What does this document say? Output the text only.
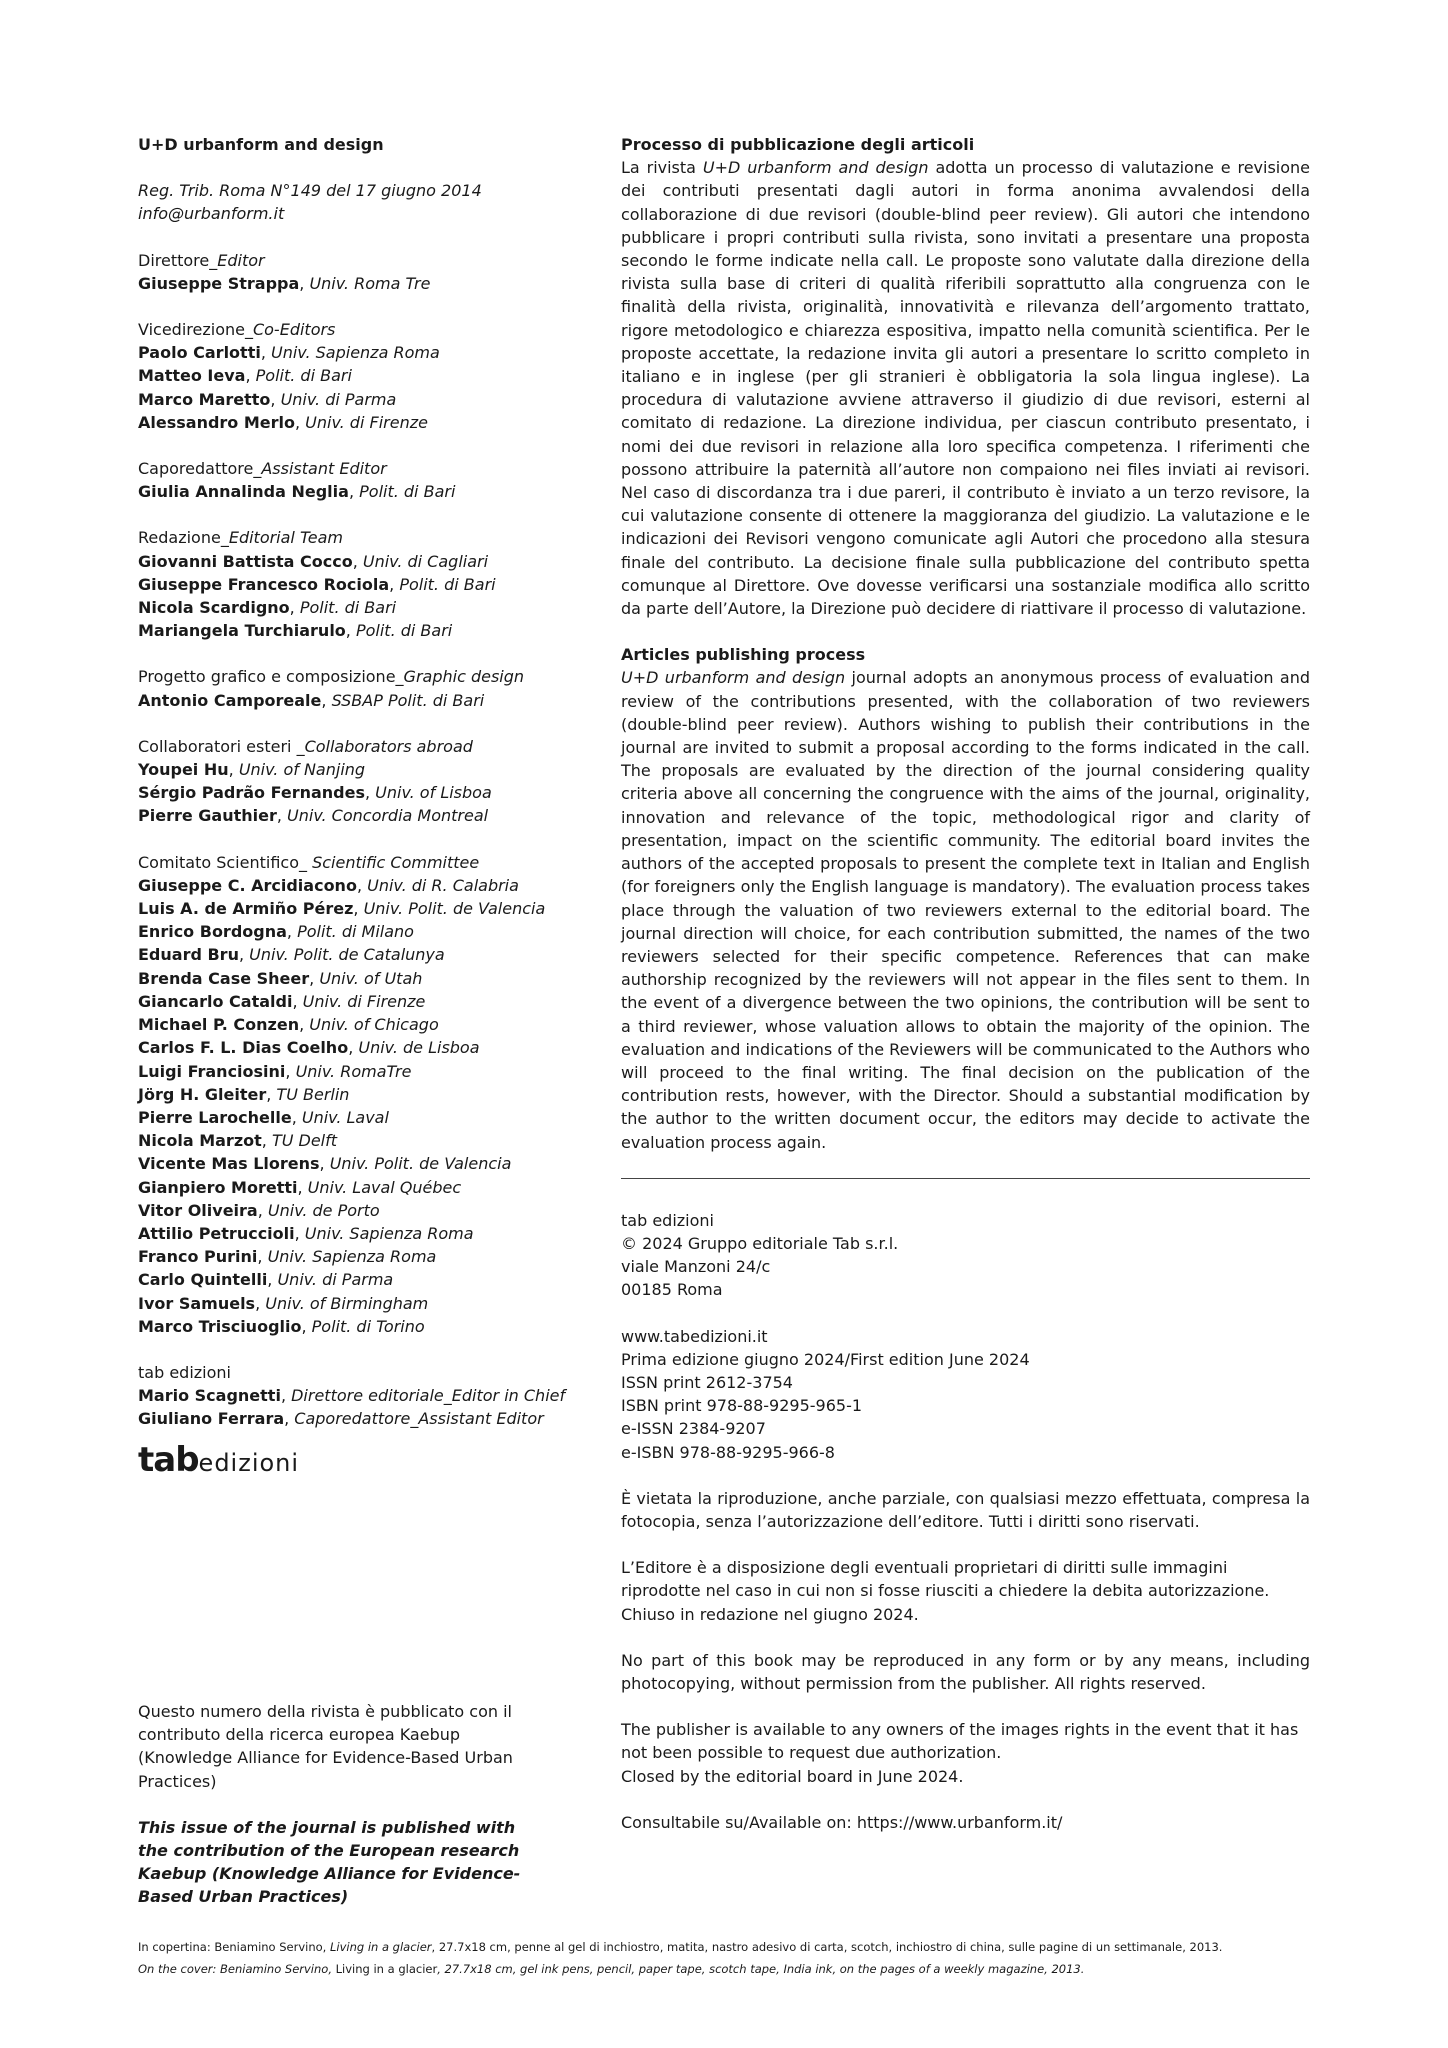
U+D urbanform and design

Reg. Trib. Roma N°149 del 17 giugno 2014

info@urbanform.it

Direttore_Editor

Giuseppe Strappa, Univ. Roma Tre

Vicedirezione_Co-Editors

Paolo Carlotti, Univ. Sapienza Roma

Matteo Ieva, Polit. di Bari

Marco Maretto, Univ. di Parma

Alessandro Merlo, Univ. di Firenze

Caporedattore_Assistant Editor

Giulia Annalinda Neglia, Polit. di Bari

Redazione_Editorial Team

Giovanni Battista Cocco, Univ. di Cagliari

Giuseppe Francesco Rociola, Polit. di Bari

Nicola Scardigno, Polit. di Bari

Mariangela Turchiarulo, Polit. di Bari

Progetto grafico e composizione_Graphic design

Antonio Camporeale, SSBAP Polit. di Bari

Collaboratori esteri _Collaborators abroad

Youpei Hu, Univ. of Nanjing

Sérgio Padrão Fernandes, Univ. of Lisboa

Pierre Gauthier, Univ. Concordia Montreal

Comitato Scientifico_ Scientific Committee

Giuseppe C. Arcidiacono, Univ. di R. Calabria

Luis A. de Armiño Pérez, Univ. Polit. de Valencia

Enrico Bordogna, Polit. di Milano

Eduard Bru, Univ. Polit. de Catalunya

Brenda Case Sheer, Univ. of Utah

Giancarlo Cataldi, Univ. di Firenze

Michael P. Conzen, Univ. of Chicago

Carlos F. L. Dias Coelho, Univ. de Lisboa

Luigi Franciosini, Univ. RomaTre

Jörg H. Gleiter, TU Berlin

Pierre Larochelle, Univ. Laval

Nicola Marzot, TU Delft

Vicente Mas Llorens, Univ. Polit. de Valencia

Gianpiero Moretti, Univ. Laval Québec

Vitor Oliveira, Univ. de Porto

Attilio Petruccioli, Univ. Sapienza Roma

Franco Purini, Univ. Sapienza Roma

Carlo Quintelli, Univ. di Parma

Ivor Samuels, Univ. of Birmingham

Marco Trisciuoglio, Polit. di Torino

tab edizioni

Mario Scagnetti, Direttore editoriale_Editor in Chief

Giuliano Ferrara, Caporedattore_Assistant Editor

tab edizioni

Questo numero della rivista è pubblicato con il contributo della ricerca europea Kaebup (Knowledge Alliance for Evidence-Based Urban Practices)

This issue of the journal is published with the contribution of the European research Kaebup (Knowledge Alliance for Evidence-Based Urban Practices)

Processo di pubblicazione degli articoli

La rivista U+D urbanform and design adotta un processo di valutazione e revisione dei contributi presentati dagli autori in forma anonima avvalendosi della collaborazione di due revisori (double-blind peer review). Gli autori che intendono pubblicare i propri contributi sulla rivista, sono invitati a presentare una proposta secondo le forme indicate nella call. Le proposte sono valutate dalla direzione della rivista sulla base di criteri di qualità riferibili soprattutto alla congruenza con le finalità della rivista, originalità, innovatività e rilevanza dell’argomento trattato, rigore metodologico e chiarezza espositiva, impatto nella comunità scientifica. Per le proposte accettate, la redazione invita gli autori a presentare lo scritto completo in italiano e in inglese (per gli stranieri è obbligatoria la sola lingua inglese). La procedura di valutazione avviene attraverso il giudizio di due revisori, esterni al comitato di redazione. La direzione individua, per ciascun contributo presentato, i nomi dei due revisori in relazione alla loro specifica competenza. I riferimenti che possono attribuire la paternità all’autore non compaiono nei files inviati ai revisori. Nel caso di discordanza tra i due pareri, il contributo è inviato a un terzo revisore, la cui valutazione consente di ottenere la maggioranza del giudizio. La valutazione e le indicazioni dei Revisori vengono comunicate agli Autori che procedono alla stesura finale del contributo. La decisione finale sulla pubblicazione del contributo spetta comunque al Direttore. Ove dovesse verificarsi una sostanziale modifica allo scritto da parte dell’Autore, la Direzione può decidere di riattivare il processo di valutazione.

Articles publishing process

U+D urbanform and design journal adopts an anonymous process of evaluation and review of the contributions presented, with the collaboration of two reviewers (double-blind peer review). Authors wishing to publish their contributions in the journal are invited to submit a proposal according to the forms indicated in the call. The proposals are evaluated by the direction of the journal considering quality criteria above all concerning the congruence with the aims of the journal, originality, innovation and relevance of the topic, methodological rigor and clarity of presentation, impact on the scientific community. The editorial board invites the authors of the accepted proposals to present the complete text in Italian and English (for foreigners only the English language is mandatory). The evaluation process takes place through the valuation of two reviewers external to the editorial board. The journal direction will choice, for each contribution submitted, the names of the two reviewers selected for their specific competence. References that can make authorship recognized by the reviewers will not appear in the files sent to them. In the event of a divergence between the two opinions, the contribution will be sent to a third reviewer, whose valuation allows to obtain the majority of the opinion. The evaluation and indications of the Reviewers will be communicated to the Authors who will proceed to the final writing. The final decision on the publication of the contribution rests, however, with the Director. Should a substantial modification by the author to the written document occur, the editors may decide to activate the evaluation process again.

tab edizioni

© 2024 Gruppo editoriale Tab s.r.l.

viale Manzoni 24/c

00185 Roma

www.tabedizioni.it

Prima edizione giugno 2024/First edition June 2024

ISSN print 2612-3754

ISBN print 978-88-9295-965-1

e-ISSN 2384-9207

e-ISBN 978-88-9295-966-8

È vietata la riproduzione, anche parziale, con qualsiasi mezzo effettuata, compresa la fotocopia, senza l’autorizzazione dell’editore. Tutti i diritti sono riservati.

L’Editore è a disposizione degli eventuali proprietari di diritti sulle immagini riprodotte nel caso in cui non si fosse riusciti a chiedere la debita autorizzazione.

Chiuso in redazione nel giugno 2024.

No part of this book may be reproduced in any form or by any means, including photocopying, without permission from the publisher. All rights reserved.

The publisher is available to any owners of the images rights in the event that it has not been possible to request due authorization.

Closed by the editorial board in June 2024.

Consultabile su/Available on: https://www.urbanform.it/

In copertina: Beniamino Servino, Living in a glacier, 27.7x18 cm, penne al gel di inchiostro, matita, nastro adesivo di carta, scotch, inchiostro di china, sulle pagine di un settimanale, 2013.

On the cover: Beniamino Servino, Living in a glacier, 27.7x18 cm, gel ink pens, pencil, paper tape, scotch tape, India ink, on the pages of a weekly magazine, 2013.
